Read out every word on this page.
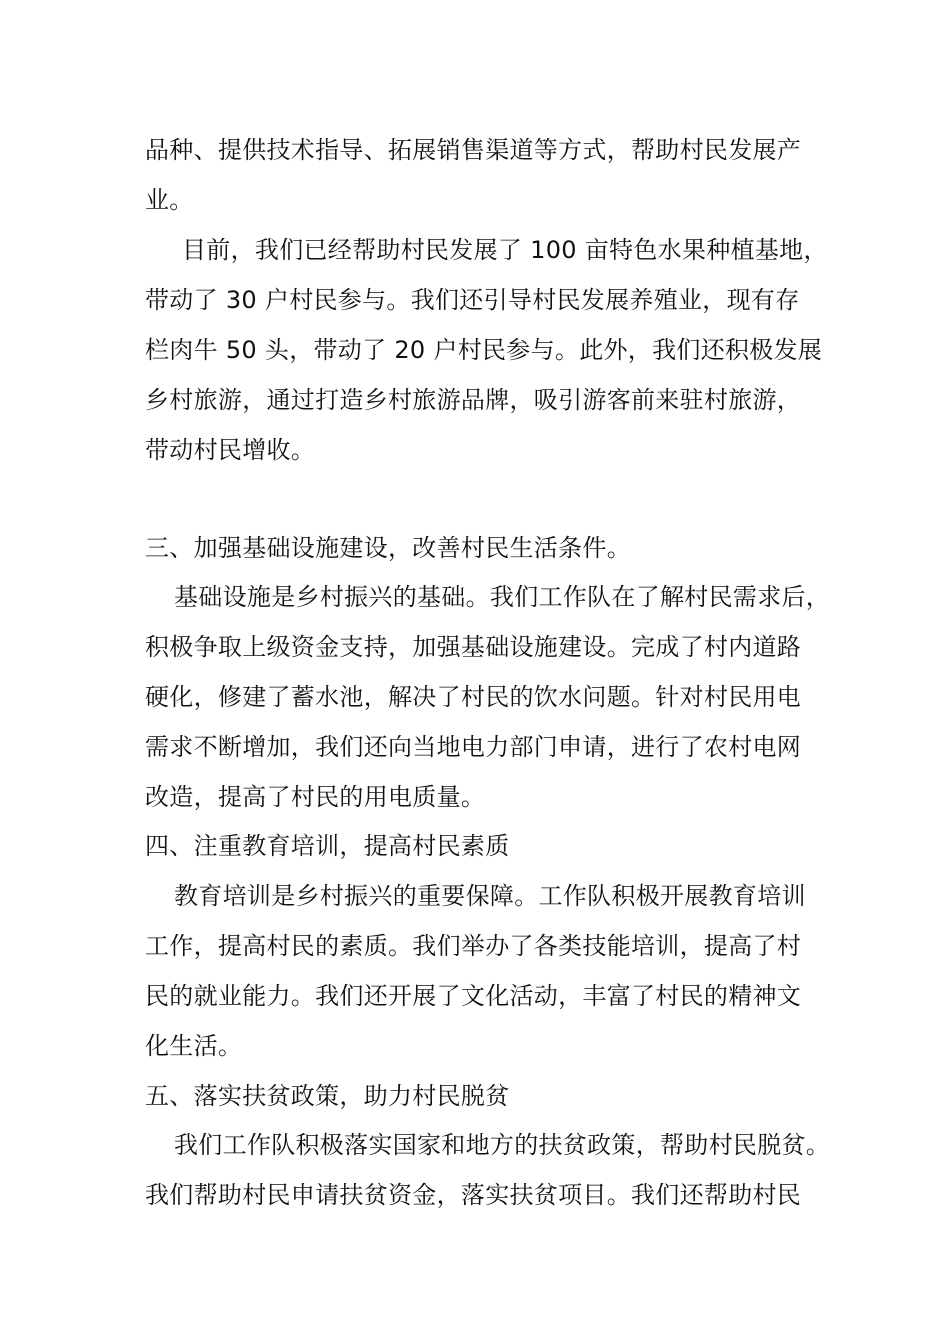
品种、提供技术指导、拓展销售渠道等方式，帮助村民发展产
业。
目前，我们已经帮助村民发展了 100 亩特色水果种植基地，
带动了 30 户村民参与。我们还引导村民发展养殖业，现有存
栏肉牛 50 头，带动了 20 户村民参与。此外，我们还积极发展
乡村旅游，通过打造乡村旅游品牌，吸引游客前来驻村旅游，
带动村民增收。
三、加强基础设施建设，改善村民生活条件。
基础设施是乡村振兴的基础。我们工作队在了解村民需求后，
积极争取上级资金支持，加强基础设施建设。完成了村内道路
硬化，修建了蓄水池，解决了村民的饮水问题。针对村民用电
需求不断增加，我们还向当地电力部门申请，进行了农村电网
改造，提高了村民的用电质量。
四、注重教育培训，提高村民素质
教育培训是乡村振兴的重要保障。工作队积极开展教育培训
工作，提高村民的素质。我们举办了各类技能培训，提高了村
民的就业能力。我们还开展了文化活动，丰富了村民的精神文
化生活。
五、落实扶贫政策，助力村民脱贫
我们工作队积极落实国家和地方的扶贫政策，帮助村民脱贫。
我们帮助村民申请扶贫资金，落实扶贫项目。我们还帮助村民
